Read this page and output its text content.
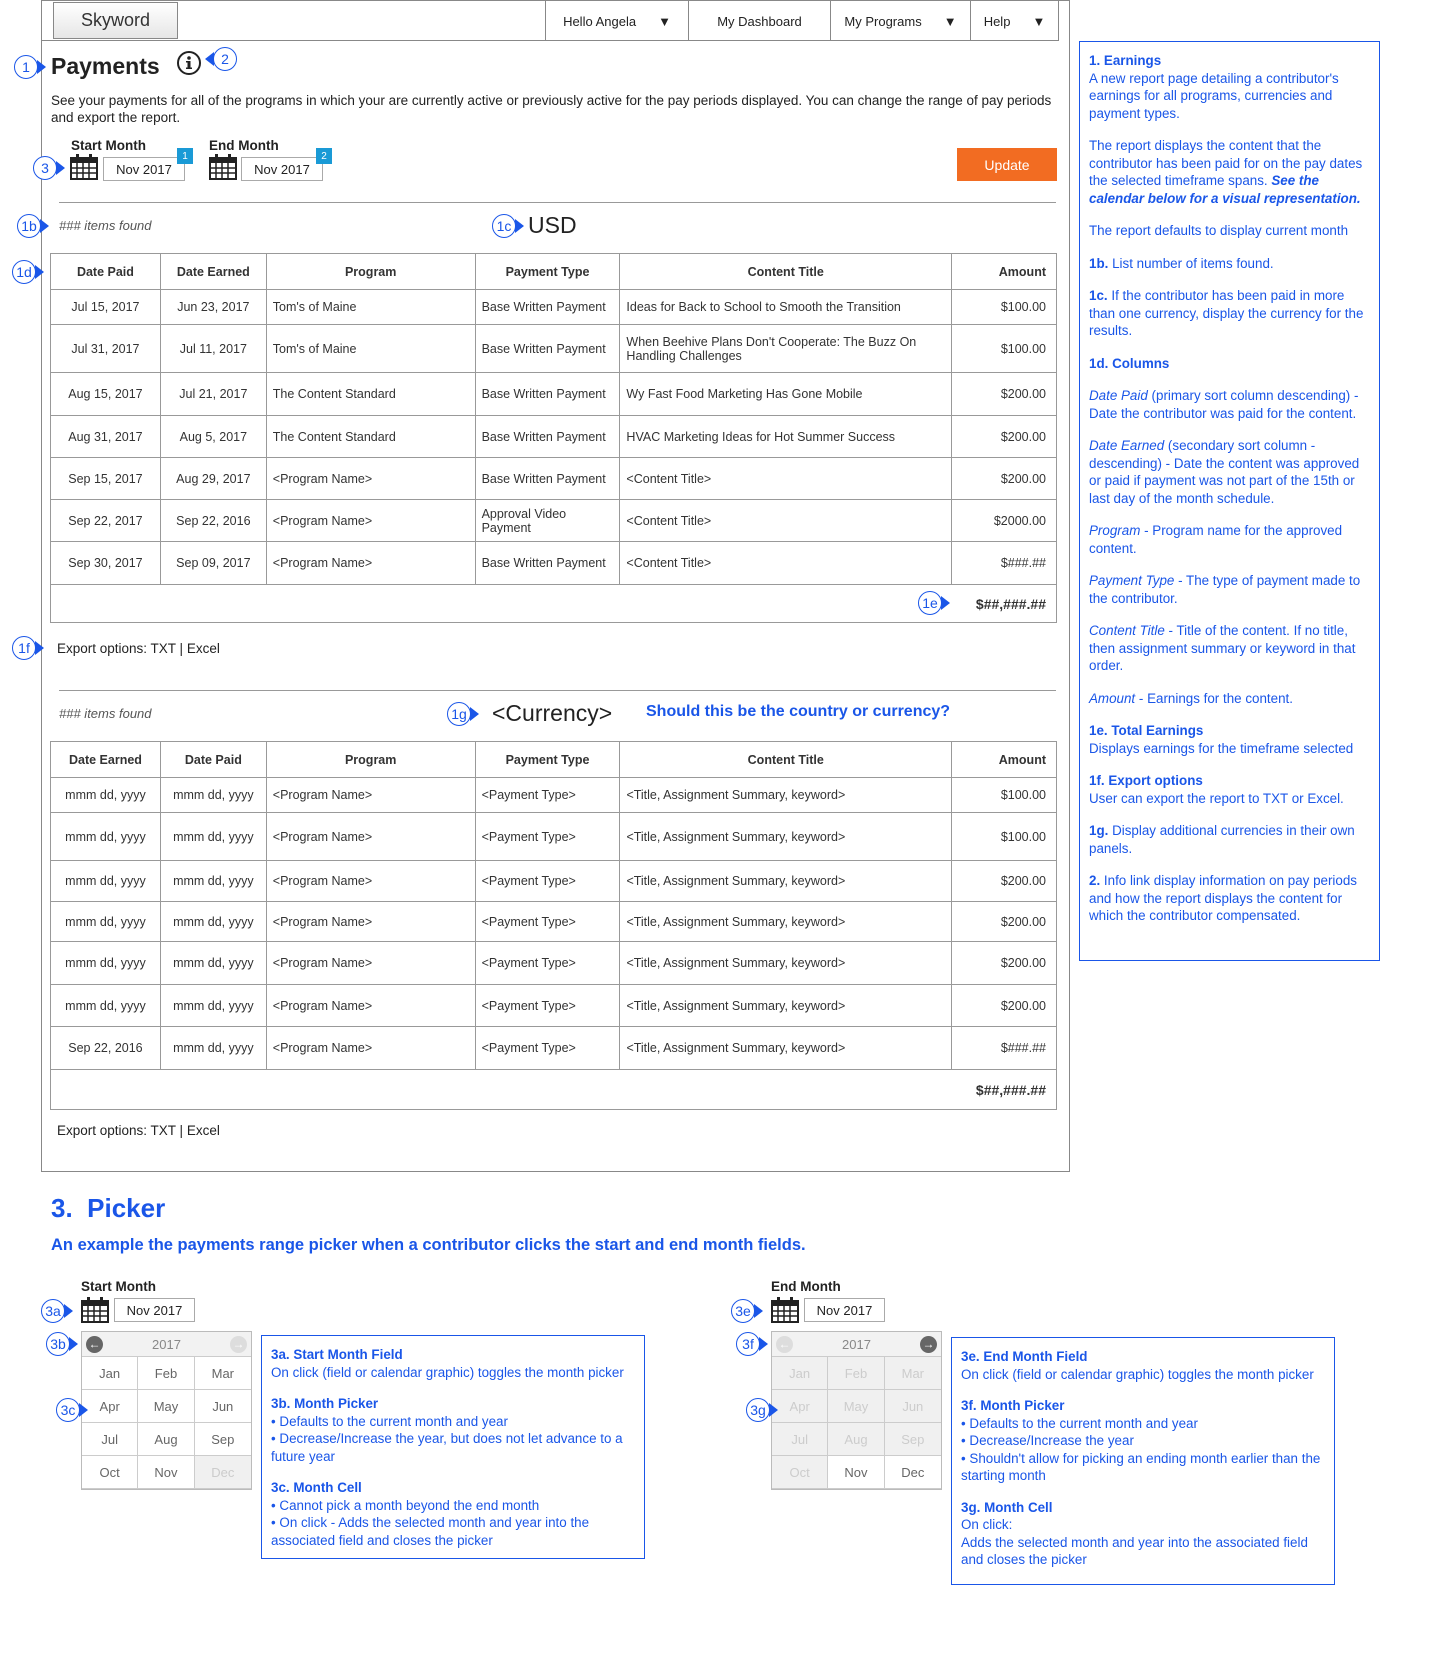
Skyword	Hello Angela ▼	My Dashboard	My Programs ▼ Help ▼
1 Payments	2
See your payments for all of the programs in which your are currently active or previously active for the pay periods displayed. You can change the range of pay periods and export the report.
Start Month	End Month
3	Nov 2017
1
Nov 2017
2
Update
1b	### items found	1c USD
1d	Date Paid	Date Earned	Program	Payment Type	Content Title	Amount
Jul 15, 2017	Jun 23, 2017	Tom's of Maine	Base Written Payment	Ideas for Back to School to Smooth the Transition	$100.00
Jul 31, 2017	Jul 11, 2017	Tom's of Maine	Base Written Payment	When Beehive Plans Don't Cooperate: The Buzz On Handling Challenges	$100.00
Aug 15, 2017	Jul 21, 2017	The Content Standard	Base Written Payment	Wy Fast Food Marketing Has Gone Mobile	$200.00
Aug 31, 2017	Aug 5, 2017	The Content Standard	Base Written Payment	HVAC Marketing Ideas for Hot Summer Success	$200.00
Sep 15, 2017	Aug 29, 2017	<Program Name>	Base Written Payment	<Content Title>	$200.00
Sep 22, 2017	Sep 22, 2016	<Program Name>	Approval Video Payment	<Content Title>	$2000.00
Sep 30, 2017	Sep 09, 2017	<Program Name>	Base Written Payment	<Content Title>	$###.##
$##,###.##					
1e
1f	Export options: TXT | Excel
### items found	1g <Currency> Should this be the country or currency?
Date Earned	Date Paid	Program	Payment Type	Content Title	Amount
mmm dd, yyyy	mmm dd, yyyy	<Program Name>	<Payment Type>	<Title, Assignment Summary, keyword>	$100.00
mmm dd, yyyy	mmm dd, yyyy	<Program Name>	<Payment Type>	<Title, Assignment Summary, keyword>	$100.00
mmm dd, yyyy	mmm dd, yyyy	<Program Name>	<Payment Type>	<Title, Assignment Summary, keyword>	$200.00
mmm dd, yyyy	mmm dd, yyyy	<Program Name>	<Payment Type>	<Title, Assignment Summary, keyword>	$200.00
mmm dd, yyyy	mmm dd, yyyy	<Program Name>	<Payment Type>	<Title, Assignment Summary, keyword>	$200.00
mmm dd, yyyy	mmm dd, yyyy	<Program Name>	<Payment Type>	<Title, Assignment Summary, keyword>	$200.00
Sep 22, 2016	mmm dd, yyyy	<Program Name>	<Payment Type>	<Title, Assignment Summary, keyword>	$###.##
$##,###.##					
Export options: TXT | Excel
1. Earnings

A new report page detailing a contributor's earnings for all programs, currencies and payment types.

The report displays the content that the contributor has been paid for on the pay dates the selected timeframe spans. See the calendar below for a visual representation.

The report defaults to display current month

1b. List number of items found.

1c. If the contributor has been paid in more than one currency, display the currency for the results.

1d. Columns

Date Paid (primary sort column descending) - Date the contributor was paid for the content.

Date Earned (secondary sort column - descending) - Date the content was approved or paid if payment was not part of the 15th or last day of the month schedule.

Program - Program name for the approved content.

Payment Type - The type of payment made to the contributor.

Content Title - Title of the content. If no title, then assignment summary or keyword in that order.

Amount - Earnings for the content.

1e. Total Earnings
Displays earnings for the timeframe selected

1f. Export options
User can export the report to TXT or Excel.

1g. Display additional currencies in their own panels.

2. Info link display information on pay periods and how the report displays the content for which the contributor compensated.

3.  Picker
An example the payments range picker when a contributor clicks the start and end month fields.
Start Month
3a	Nov 2017
3b
3c
←	2017	→
Jan	Feb	Mar
Apr	May	Jun
Jul	Aug	Sep
Oct	Nov	Dec
3a. Start Month Field
On click (field or calendar graphic) toggles the month picker
3b. Month Picker
• Defaults to the current month and year
• Decrease/Increase the year, but does not let advance to a future year
3c. Month Cell
• Cannot pick a month beyond the end month
• On click - Adds the selected month and year into the associated field and closes the picker
End Month
3e	Nov 2017
3f
3g
←	2017	→
Jan	Feb	Mar
Apr	May	Jun
Jul	Aug	Sep
Oct	Nov	Dec
3e. End Month Field
On click (field or calendar graphic) toggles the month picker
3f. Month Picker
• Defaults to the current month and year
• Decrease/Increase the year
• Shouldn't allow for picking an ending month earlier than the starting month
3g. Month Cell
On click:
Adds the selected month and year into the associated field and closes the picker
